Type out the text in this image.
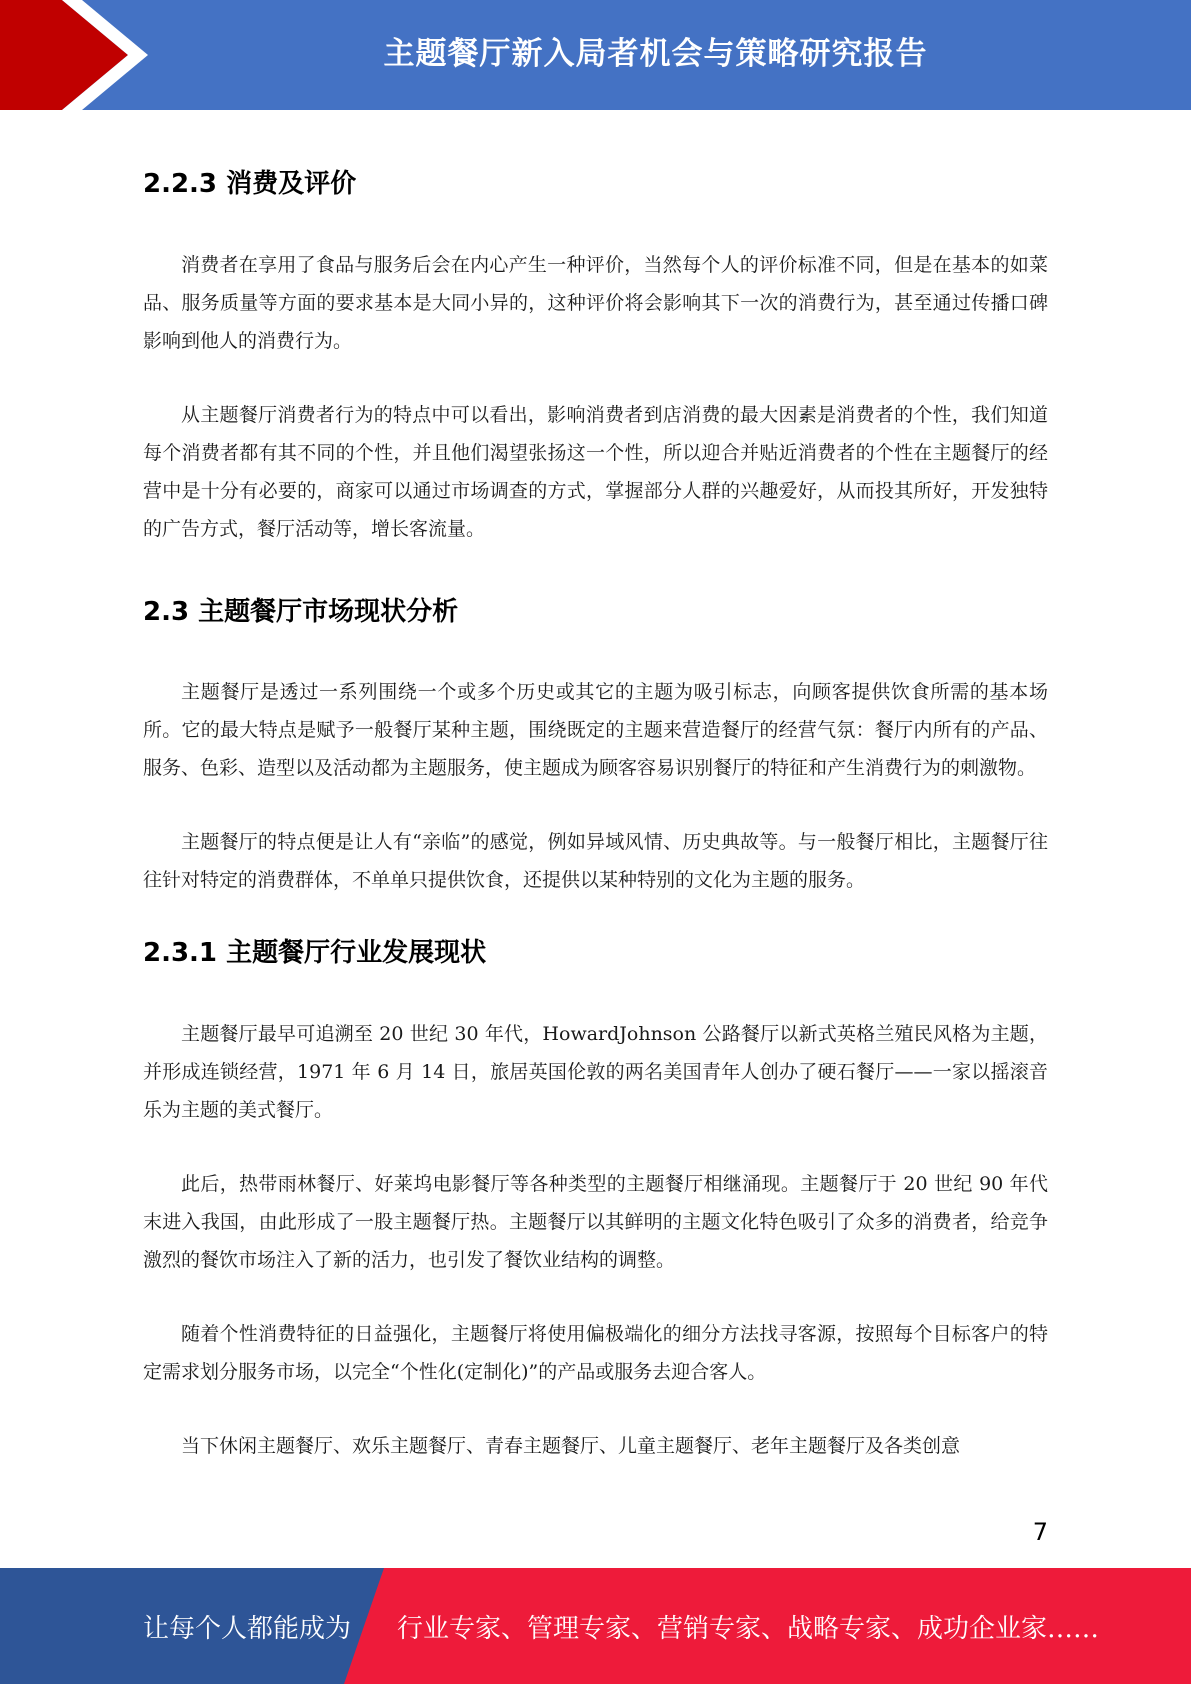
主题餐厅新入局者机会与策略研究报告
2.2.3 消费及评价

消费者在享用了食品与服务后会在内心产生一种评价，当然每个人的评价标准不同，但是在基本的如菜品、服务质量等方面的要求基本是大同小异的，这种评价将会影响其下一次的消费行为，甚至通过传播口碑影响到他人的消费行为。

从主题餐厅消费者行为的特点中可以看出，影响消费者到店消费的最大因素是消费者的个性，我们知道每个消费者都有其不同的个性，并且他们渴望张扬这一个性，所以迎合并贴近消费者的个性在主题餐厅的经营中是十分有必要的，商家可以通过市场调查的方式，掌握部分人群的兴趣爱好，从而投其所好，开发独特的广告方式，餐厅活动等，增长客流量。

2.3 主题餐厅市场现状分析

主题餐厅是透过一系列围绕一个或多个历史或其它的主题为吸引标志，向顾客提供饮食所需的基本场所。它的最大特点是赋予一般餐厅某种主题，围绕既定的主题来营造餐厅的经营气氛：餐厅内所有的产品、服务、色彩、造型以及活动都为主题服务，使主题成为顾客容易识别餐厅的特征和产生消费行为的刺激物。

主题餐厅的特点便是让人有“亲临”的感觉，例如异域风情、历史典故等。与一般餐厅相比，主题餐厅往往针对特定的消费群体，不单单只提供饮食，还提供以某种特别的文化为主题的服务。

2.3.1 主题餐厅行业发展现状

主题餐厅最早可追溯至 20 世纪 30 年代，HowardJohnson 公路餐厅以新式英格兰殖民风格为主题，并形成连锁经营，1971 年 6 月 14 日，旅居英国伦敦的两名美国青年人创办了硬石餐厅——一家以摇滚音乐为主题的美式餐厅。

此后，热带雨林餐厅、好莱坞电影餐厅等各种类型的主题餐厅相继涌现。主题餐厅于 20 世纪 90 年代末进入我国，由此形成了一股主题餐厅热。主题餐厅以其鲜明的主题文化特色吸引了众多的消费者，给竞争激烈的餐饮市场注入了新的活力，也引发了餐饮业结构的调整。

随着个性消费特征的日益强化，主题餐厅将使用偏极端化的细分方法找寻客源，按照每个目标客户的特定需求划分服务市场，以完全“个性化(定制化)”的产品或服务去迎合客人。

当下休闲主题餐厅、欢乐主题餐厅、青春主题餐厅、儿童主题餐厅、老年主题餐厅及各类创意

7
让每个人都能成为 行业专家、管理专家、营销专家、战略专家、成功企业家……
